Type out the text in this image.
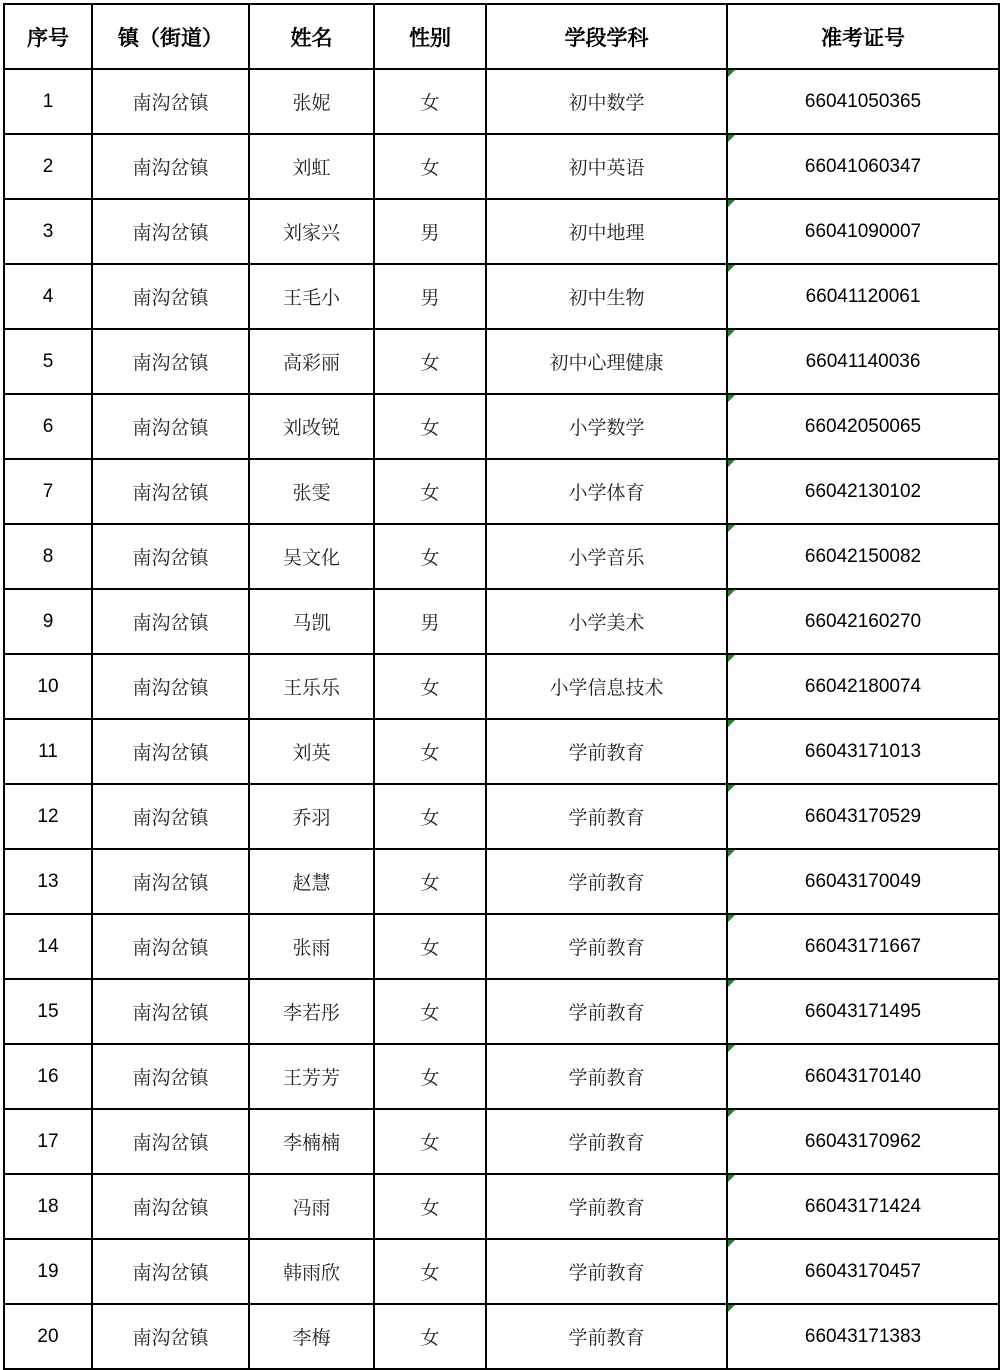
序号	镇（街道）	姓名	性别	学段学科	准考证号
1	南沟岔镇	张妮	女	初中数学	66041050365
2	南沟岔镇	刘虹	女	初中英语	66041060347
3	南沟岔镇	刘家兴	男	初中地理	66041090007
4	南沟岔镇	王毛小	男	初中生物	66041120061
5	南沟岔镇	高彩丽	女	初中心理健康	66041140036
6	南沟岔镇	刘改锐	女	小学数学	66042050065
7	南沟岔镇	张雯	女	小学体育	66042130102
8	南沟岔镇	吴文化	女	小学音乐	66042150082
9	南沟岔镇	马凯	男	小学美术	66042160270
10	南沟岔镇	王乐乐	女	小学信息技术	66042180074
11	南沟岔镇	刘英	女	学前教育	66043171013
12	南沟岔镇	乔羽	女	学前教育	66043170529
13	南沟岔镇	赵慧	女	学前教育	66043170049
14	南沟岔镇	张雨	女	学前教育	66043171667
15	南沟岔镇	李若彤	女	学前教育	66043171495
16	南沟岔镇	王芳芳	女	学前教育	66043170140
17	南沟岔镇	李楠楠	女	学前教育	66043170962
18	南沟岔镇	冯雨	女	学前教育	66043171424
19	南沟岔镇	韩雨欣	女	学前教育	66043170457
20	南沟岔镇	李梅	女	学前教育	66043171383
